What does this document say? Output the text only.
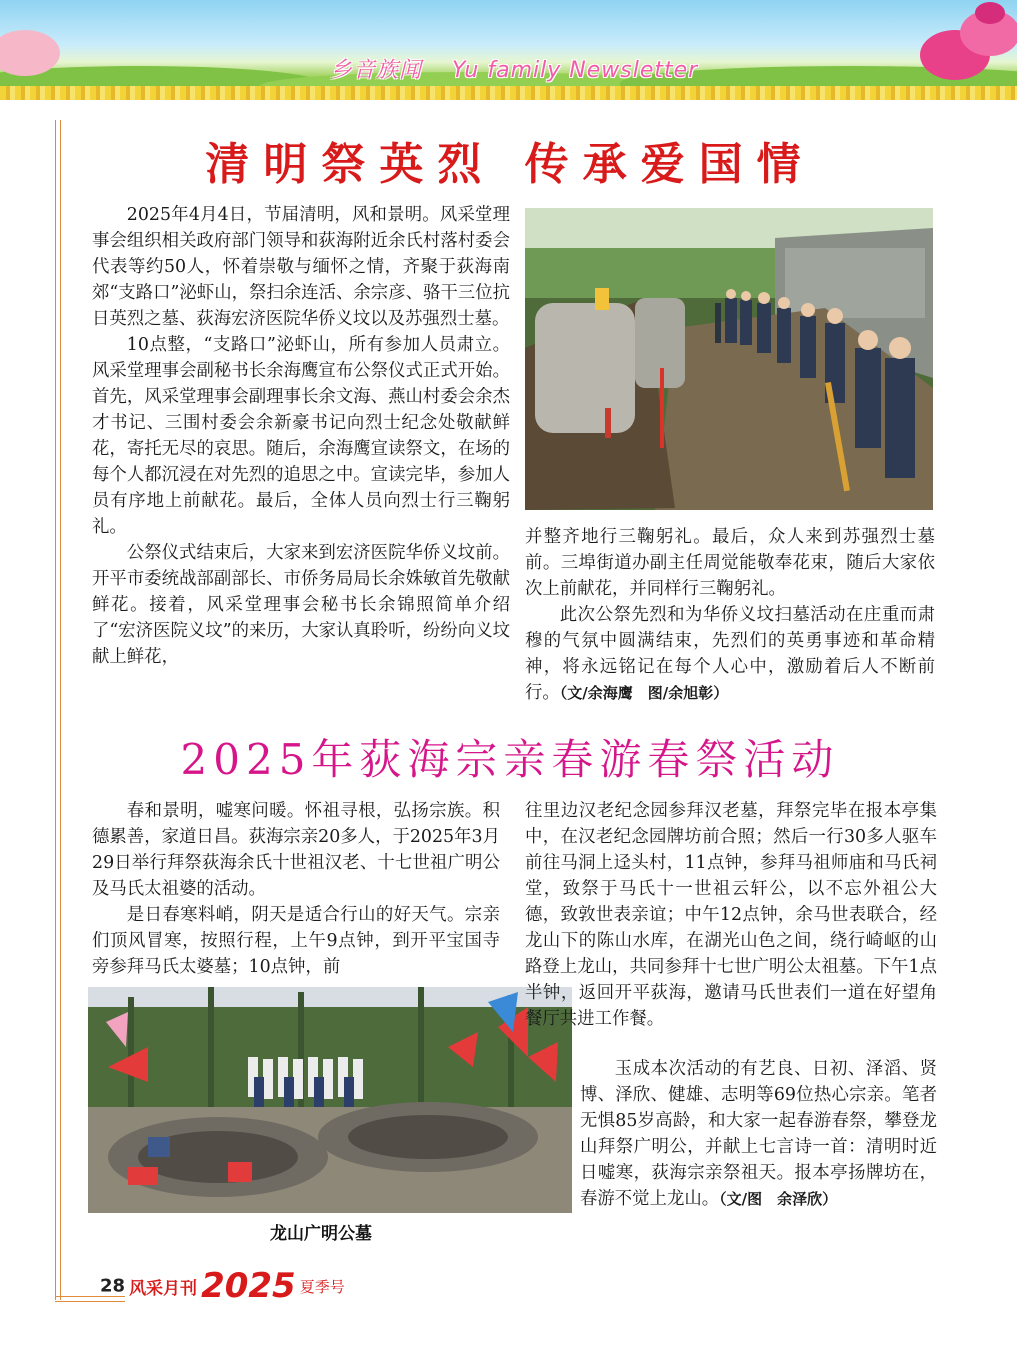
乡音族闻 Yu family Newsletter
清明祭英烈 传承爱国情

2025年4月4日，节届清明，风和景明。风采堂理事会组织相关政府部门领导和荻海附近余氏村落村委会代表等约50人，怀着崇敬与缅怀之情，齐聚于荻海南郊“支路口”泌虾山，祭扫余连活、余宗彦、骆干三位抗日英烈之墓、荻海宏济医院华侨义坟以及苏强烈士墓。

10点整，“支路口”泌虾山，所有参加人员肃立。风采堂理事会副秘书长余海鹰宣布公祭仪式正式开始。首先，风采堂理事会副理事长余文海、燕山村委会余杰才书记、三围村委会余新豪书记向烈士纪念处敬献鲜花，寄托无尽的哀思。随后，余海鹰宣读祭文，在场的每个人都沉浸在对先烈的追思之中。宣读完毕，参加人员有序地上前献花。最后，全体人员向烈士行三鞠躬礼。

公祭仪式结束后，大家来到宏济医院华侨义坟前。开平市委统战部副部长、市侨务局局长余姝敏首先敬献鲜花。接着，风采堂理事会秘书长余锦照简单介绍了“宏济医院义坟”的来历，大家认真聆听，纷纷向义坟献上鲜花，

并整齐地行三鞠躬礼。最后，众人来到苏强烈士墓前。三埠街道办副主任周觉能敬奉花束，随后大家依次上前献花，并同样行三鞠躬礼。

此次公祭先烈和为华侨义坟扫墓活动在庄重而肃穆的气氛中圆满结束，先烈们的英勇事迹和革命精神，将永远铭记在每个人心中，激励着后人不断前行。（文/余海鹰　图/余旭彰）

2025年荻海宗亲春游春祭活动

春和景明，嘘寒问暖。怀祖寻根，弘扬宗族。积德累善，家道日昌。荻海宗亲20多人，于2025年3月29日举行拜祭荻海余氏十世祖汉老、十七世祖广明公及马氏太祖婆的活动。

是日春寒料峭，阴天是适合行山的好天气。宗亲们顶风冒寒，按照行程，上午9点钟，到开平宝国寺旁参拜马氏太婆墓；10点钟，前

龙山广明公墓

往里边汉老纪念园参拜汉老墓，拜祭完毕在报本亭集中，在汉老纪念园牌坊前合照；然后一行30多人驱车前往马洞上迳头村，11点钟，参拜马祖师庙和马氏祠堂，致祭于马氏十一世祖云轩公，以不忘外祖公大德，致敦世表亲谊；中午12点钟，余马世表联合，经龙山下的陈山水库，在湖光山色之间，绕行崎岖的山路登上龙山，共同参拜十七世广明公太祖墓。下午1点半钟，返回开平荻海，邀请马氏世表们一道在好望角餐厅共进工作餐。

玉成本次活动的有艺良、日初、泽滔、贤博、泽欣、健雄、志明等69位热心宗亲。笔者无惧85岁高龄，和大家一起春游春祭，攀登龙山拜祭广明公，并献上七言诗一首：清明时近日嘘寒，荻海宗亲祭祖天。报本亭扬牌坊在，春游不觉上龙山。（文/图　余泽欣）

28 风采月刊 2025 夏季号
